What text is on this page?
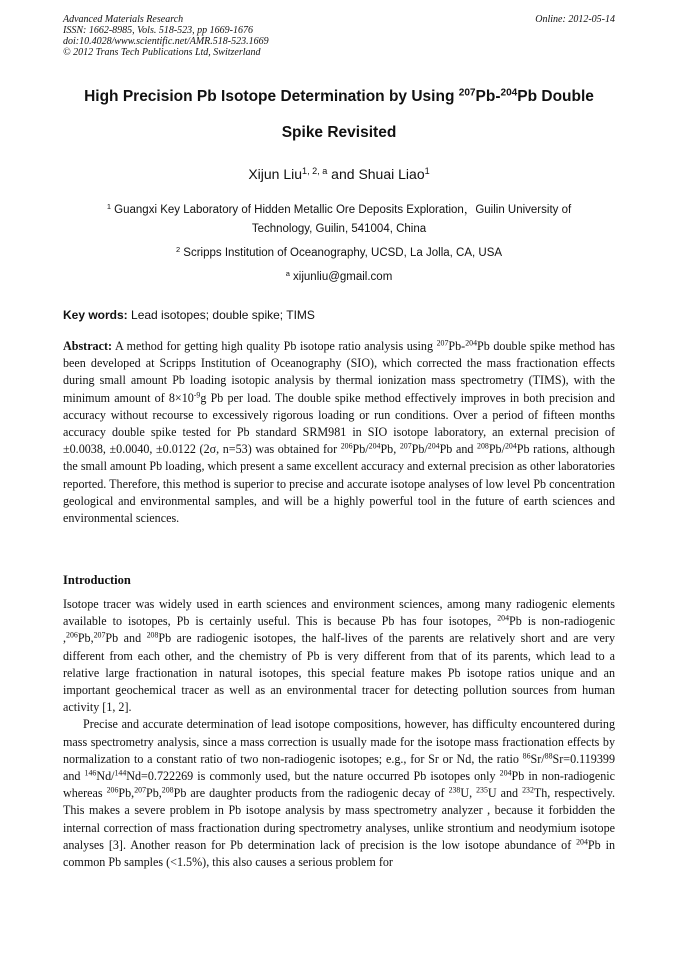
Advanced Materials Research
ISSN: 1662-8985, Vols. 518-523, pp 1669-1676
doi:10.4028/www.scientific.net/AMR.518-523.1669
© 2012 Trans Tech Publications Ltd, Switzerland
Online: 2012-05-14
High Precision Pb Isotope Determination by Using $^{207}$Pb-$^{204}$Pb Double
Spike Revisited
Xijun Liu$^{1, 2, a}$ and Shuai Liao$^1$
$^1$ Guangxi Key Laboratory of Hidden Metallic Ore Deposits Exploration，Guilin University of
Technology, Guilin, 541004, China
$^2$ Scripps Institution of Oceanography, UCSD, La Jolla, CA, USA
$^a$ xijunliu@gmail.com
Key words: Lead isotopes; double spike; TIMS
Abstract: A method for getting high quality Pb isotope ratio analysis using $^{207}$Pb-$^{204}$Pb double spike method has been developed at Scripps Institution of Oceanography (SIO), which corrected the mass fractionation effects during small amount Pb loading isotopic analysis by thermal ionization mass spectrometry (TIMS), with the minimum amount of $8\times 10^{-9}g$ Pb per load. The double spike method effectively improves in both precision and accuracy without recourse to excessively rigorous loading or run conditions. Over a period of fifteen months accuracy double spike tested for Pb standard SRM981 in SIO isotope laboratory, an external precision of ±0.0038, ±0.0040, ±0.0122 (2σ, n=53) was obtained for $^{206}$Pb/$^{204}$Pb, $^{207}$Pb/$^{204}$Pb and $^{208}$Pb/$^{204}$Pb rations, although the small amount Pb loading, which present a same excellent accuracy and external precision as other laboratories reported. Therefore, this method is superior to precise and accurate isotope analyses of low level Pb concentration geological and environmental samples, and will be a highly powerful tool in the future of earth sciences and environmental sciences.
Introduction

Isotope tracer was widely used in earth sciences and environment sciences, among many radiogenic elements available to isotopes, Pb is certainly useful. This is because Pb has four isotopes, $^{204}$Pb is non-radiogenic ,$^{206}$Pb,$^{207}$Pb and $^{208}$Pb are radiogenic isotopes, the half-lives of the parents are relatively short and are very different from each other, and the chemistry of Pb is very different from that of its parents, which lead to a relative large fractionation in natural isotopes, this special feature makes Pb isotope ratios unique and an important geochemical tracer as well as an environmental tracer for detecting pollution sources from human activity [1, 2].

Precise and accurate determination of lead isotope compositions, however, has difficulty encountered during mass spectrometry analysis, since a mass correction is usually made for the isotope mass fractionation effects by normalization to a constant ratio of two non-radiogenic isotopes; e.g., for Sr or Nd, the ratio $^{86}$Sr/$^{88}$Sr=0.119399 and $^{146}$Nd/$^{144}$Nd=0.722269 is commonly used, but the nature occurred Pb isotopes only $^{204}$Pb in non-radiogenic whereas $^{206}$Pb,$^{207}$Pb,$^{208}$Pb are daughter products from the radiogenic decay of $^{238}$U, $^{235}$U and $^{232}$Th, respectively. This makes a severe problem in Pb isotope analysis by mass spectrometry analyzer , because it forbidden the internal correction of mass fractionation during spectrometry analyses, unlike strontium and neodymium isotope analyses [3]. Another reason for Pb determination lack of precision is the low isotope abundance of $^{204}$Pb in common Pb samples (<1.5%), this also causes a serious problem for
